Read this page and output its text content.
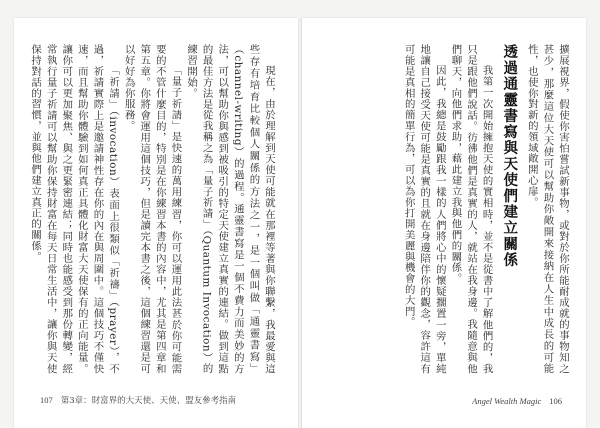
現在，由於理解到天使可能就在那裡等著與你聯繫，我最愛與這些存有培育比較個人關係的方法之一，是一個叫做「通靈書寫」（channel-writing）的過程。通靈書寫是一個不費力而美妙的方法，可以幫助你與感到被吸引的特定天使建立真實的連結。做到這點的最佳方法是從我稱之為「量子祈請」（Quantum Invocation）的練習開始。

「量子祈請」是快速的萬用練習，你可以運用此法甚於你可能需要的不管什麼目的，特別是在你練習本書的內容中，尤其是第四章和第五章。你將會運用這個技巧，但是讀完本書之後，這個練習還是可以好好為你服務。

「祈請」（invocation）表面上很類似「祈禱」（prayer），不過，祈請實際上是邀請神性存在你的內在與周圍中。這個技巧不僅快速，而且幫助你體驗到如何真正具體化財富大天使保有的正向能量。讓你可以更加聚焦、與之更緊密連結；同時也能感受到那份轉變，經常執行量子祈請可以幫助你保持財富在每天日常生活中，讓你與天使保持對話的習慣，並與他們建立真正的關係。

107 第3章：財富界的大天使、天使、盟友參考指南

擴展視界，假使你害怕嘗試新事物，或對於你所能耐成就的事物知之甚少，那麼這位大天使可以幫助你敞開來接納在人生中成長的可能性，也使你對新的領域敞開心扉。

透過通靈書寫與天使們建立關係

我第一次開始擁抱天使的實相時，並不是從書中了解他們的，我只是跟他們說話。彷彿他們是真實的人，就站在我身邊。我隨意與他們聊天，向他們求助，藉此建立我與他們的關係。

因此，我總是鼓勵跟我一樣的人們將心中的懷疑擱置一旁，單純地讓自己接受天使可能是真實的且就在身邊陪伴你的觀念，容許這有可能是真相的簡單行為，可以為你打開美麗與機會的大門。

Angel Wealth Magic 106
